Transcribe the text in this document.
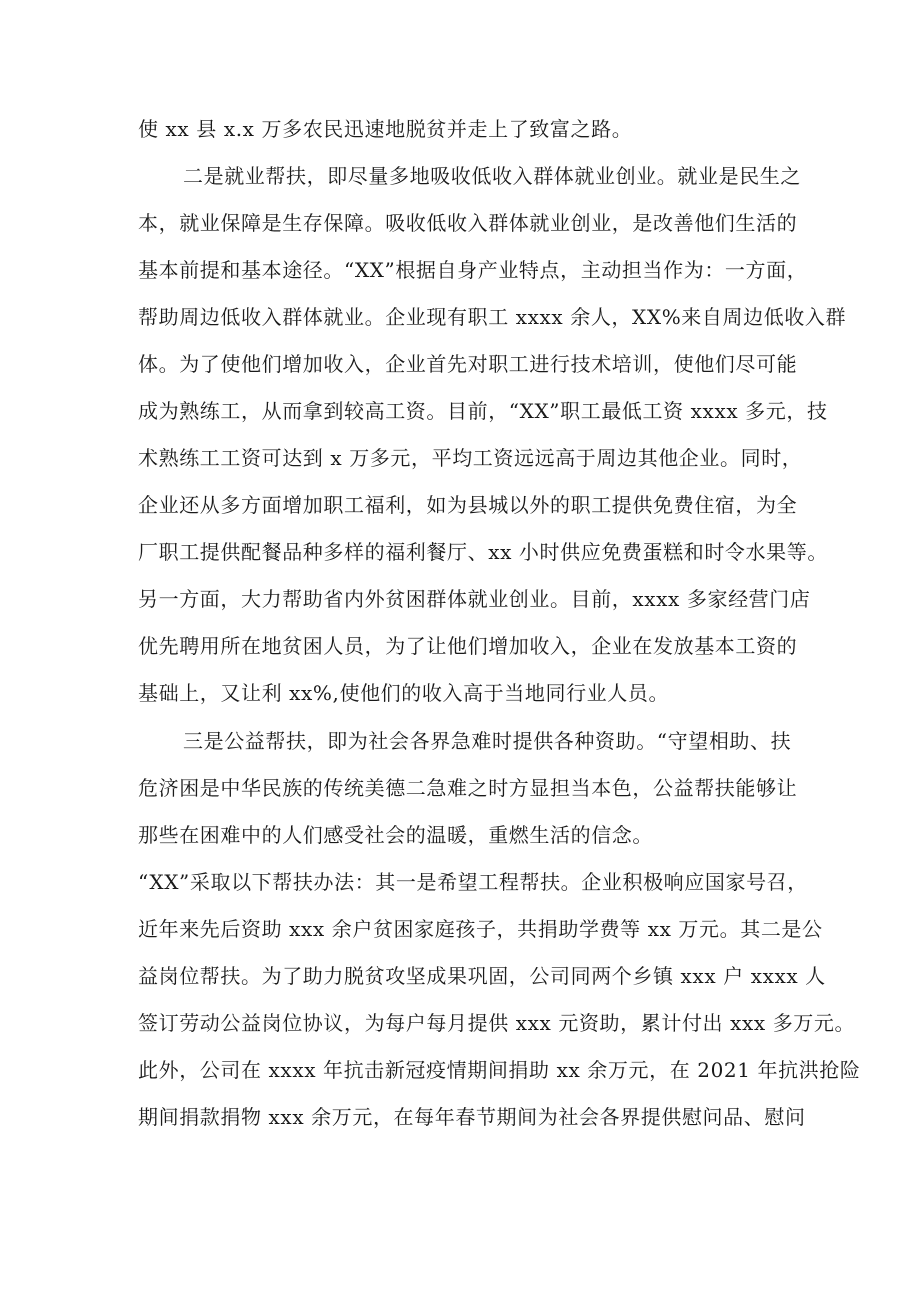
使 xx 县 x.x 万多农民迅速地脱贫并走上了致富之路。
二是就业帮扶，即尽量多地吸收低收入群体就业创业。就业是民生之
本，就业保障是生存保障。吸收低收入群体就业创业，是改善他们生活的
基本前提和基本途径。“XX”根据自身产业特点，主动担当作为：一方面，
帮助周边低收入群体就业。企业现有职工 xxxx 余人，XX%来自周边低收入群
体。为了使他们增加收入，企业首先对职工进行技术培训，使他们尽可能
成为熟练工，从而拿到较高工资。目前，“XX”职工最低工资 xxxx 多元，技
术熟练工工资可达到 x 万多元，平均工资远远高于周边其他企业。同时，
企业还从多方面增加职工福利，如为县城以外的职工提供免费住宿，为全
厂职工提供配餐品种多样的福利餐厅、xx 小时供应免费蛋糕和时令水果等。
另一方面，大力帮助省内外贫困群体就业创业。目前，xxxx 多家经营门店
优先聘用所在地贫困人员，为了让他们增加收入，企业在发放基本工资的
基础上，又让利 xx%,使他们的收入高于当地同行业人员。
三是公益帮扶，即为社会各界急难时提供各种资助。“守望相助、扶
危济困是中华民族的传统美德二急难之时方显担当本色，公益帮扶能够让
那些在困难中的人们感受社会的温暖，重燃生活的信念。
“XX”采取以下帮扶办法：其一是希望工程帮扶。企业积极响应国家号召，
近年来先后资助 xxx 余户贫困家庭孩子，共捐助学费等 xx 万元。其二是公
益岗位帮扶。为了助力脱贫攻坚成果巩固，公司同两个乡镇 xxx 户 xxxx 人
签订劳动公益岗位协议，为每户每月提供 xxx 元资助，累计付出 xxx 多万元。
此外，公司在 xxxx 年抗击新冠疫情期间捐助 xx 余万元，在 2021 年抗洪抢险
期间捐款捐物 xxx 余万元，在每年春节期间为社会各界提供慰问品、慰问
